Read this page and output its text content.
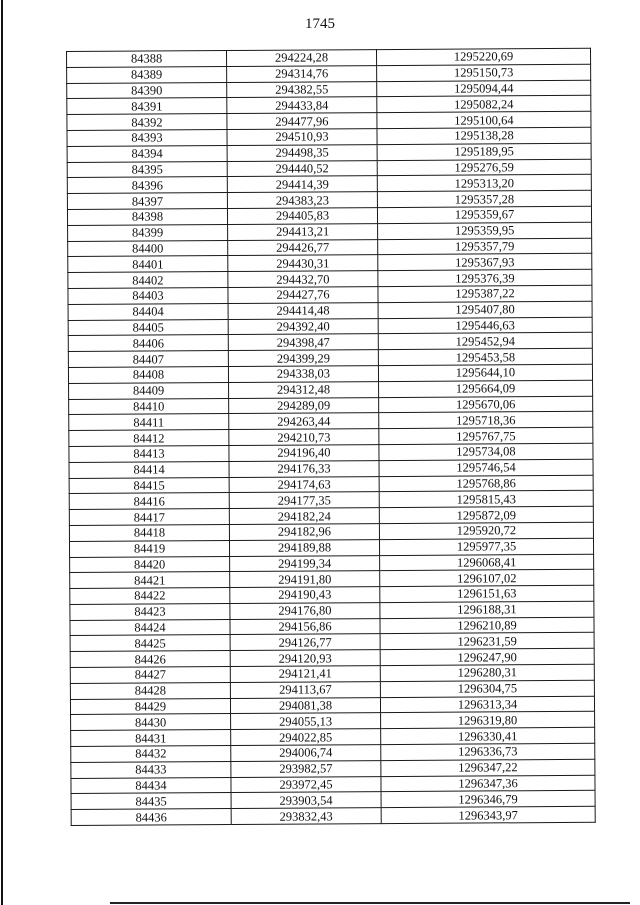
1745
84388	294224,28	1295220,69
84389	294314,76	1295150,73
84390	294382,55	1295094,44
84391	294433,84	1295082,24
84392	294477,96	1295100,64
84393	294510,93	1295138,28
84394	294498,35	1295189,95
84395	294440,52	1295276,59
84396	294414,39	1295313,20
84397	294383,23	1295357,28
84398	294405,83	1295359,67
84399	294413,21	1295359,95
84400	294426,77	1295357,79
84401	294430,31	1295367,93
84402	294432,70	1295376,39
84403	294427,76	1295387,22
84404	294414,48	1295407,80
84405	294392,40	1295446,63
84406	294398,47	1295452,94
84407	294399,29	1295453,58
84408	294338,03	1295644,10
84409	294312,48	1295664,09
84410	294289,09	1295670,06
84411	294263,44	1295718,36
84412	294210,73	1295767,75
84413	294196,40	1295734,08
84414	294176,33	1295746,54
84415	294174,63	1295768,86
84416	294177,35	1295815,43
84417	294182,24	1295872,09
84418	294182,96	1295920,72
84419	294189,88	1295977,35
84420	294199,34	1296068,41
84421	294191,80	1296107,02
84422	294190,43	1296151,63
84423	294176,80	1296188,31
84424	294156,86	1296210,89
84425	294126,77	1296231,59
84426	294120,93	1296247,90
84427	294121,41	1296280,31
84428	294113,67	1296304,75
84429	294081,38	1296313,34
84430	294055,13	1296319,80
84431	294022,85	1296330,41
84432	294006,74	1296336,73
84433	293982,57	1296347,22
84434	293972,45	1296347,36
84435	293903,54	1296346,79
84436	293832,43	1296343,97
